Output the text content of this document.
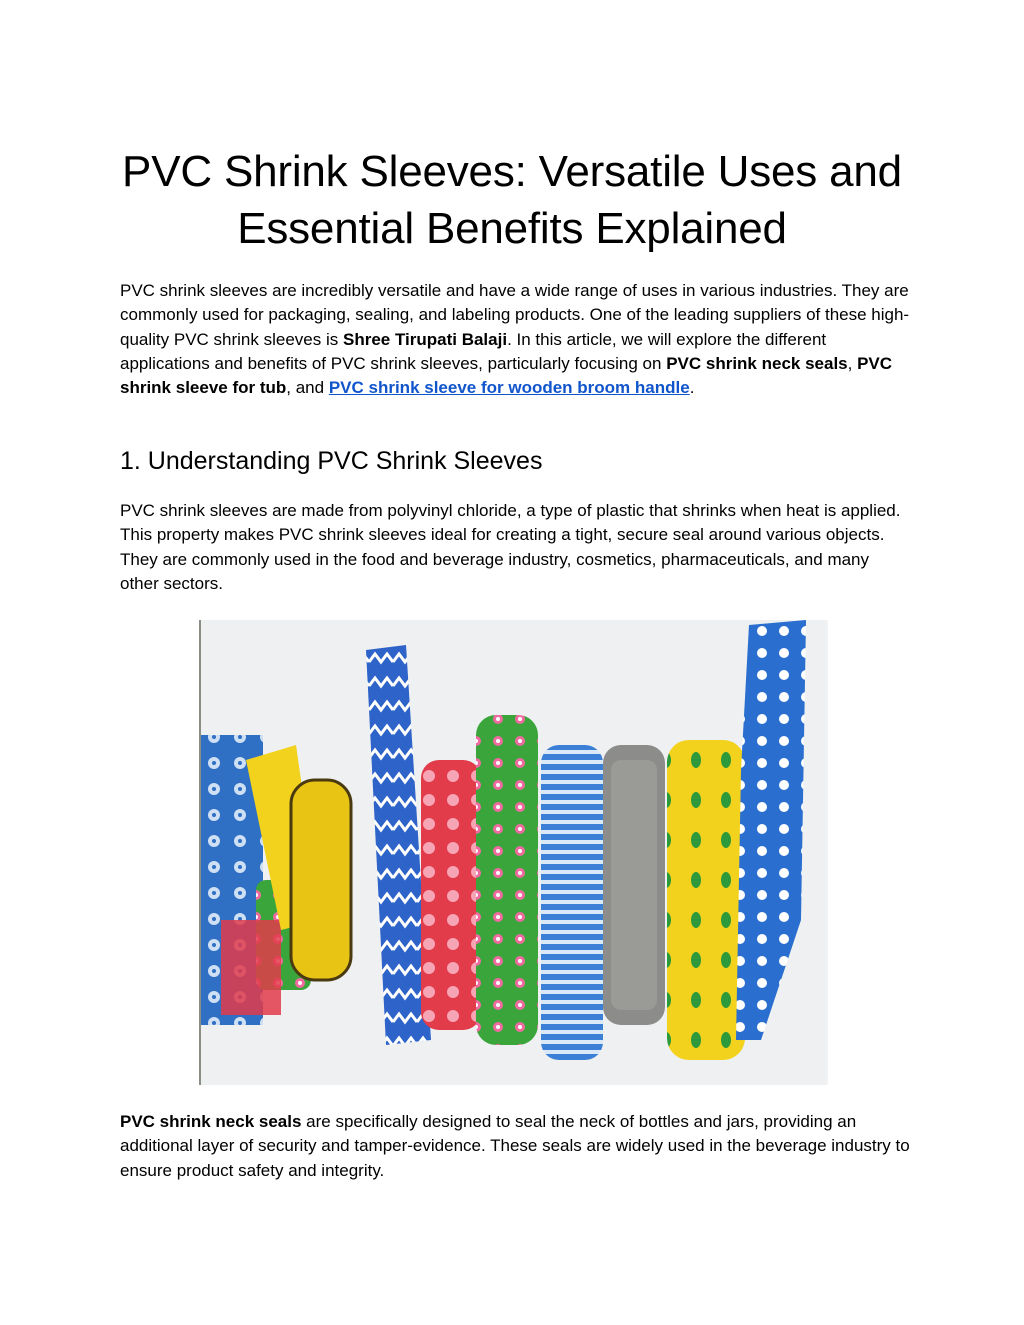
PVC Shrink Sleeves: Versatile Uses and Essential Benefits Explained

PVC shrink sleeves are incredibly versatile and have a wide range of uses in various industries. They are commonly used for packaging, sealing, and labeling products. One of the leading suppliers of these high-quality PVC shrink sleeves is Shree Tirupati Balaji. In this article, we will explore the different applications and benefits of PVC shrink sleeves, particularly focusing on PVC shrink neck seals, PVC shrink sleeve for tub, and PVC shrink sleeve for wooden broom handle.

1. Understanding PVC Shrink Sleeves

PVC shrink sleeves are made from polyvinyl chloride, a type of plastic that shrinks when heat is applied. This property makes PVC shrink sleeves ideal for creating a tight, secure seal around various objects. They are commonly used in the food and beverage industry, cosmetics, pharmaceuticals, and many other sectors.

PVC shrink neck seals are specifically designed to seal the neck of bottles and jars, providing an additional layer of security and tamper-evidence. These seals are widely used in the beverage industry to ensure product safety and integrity.
